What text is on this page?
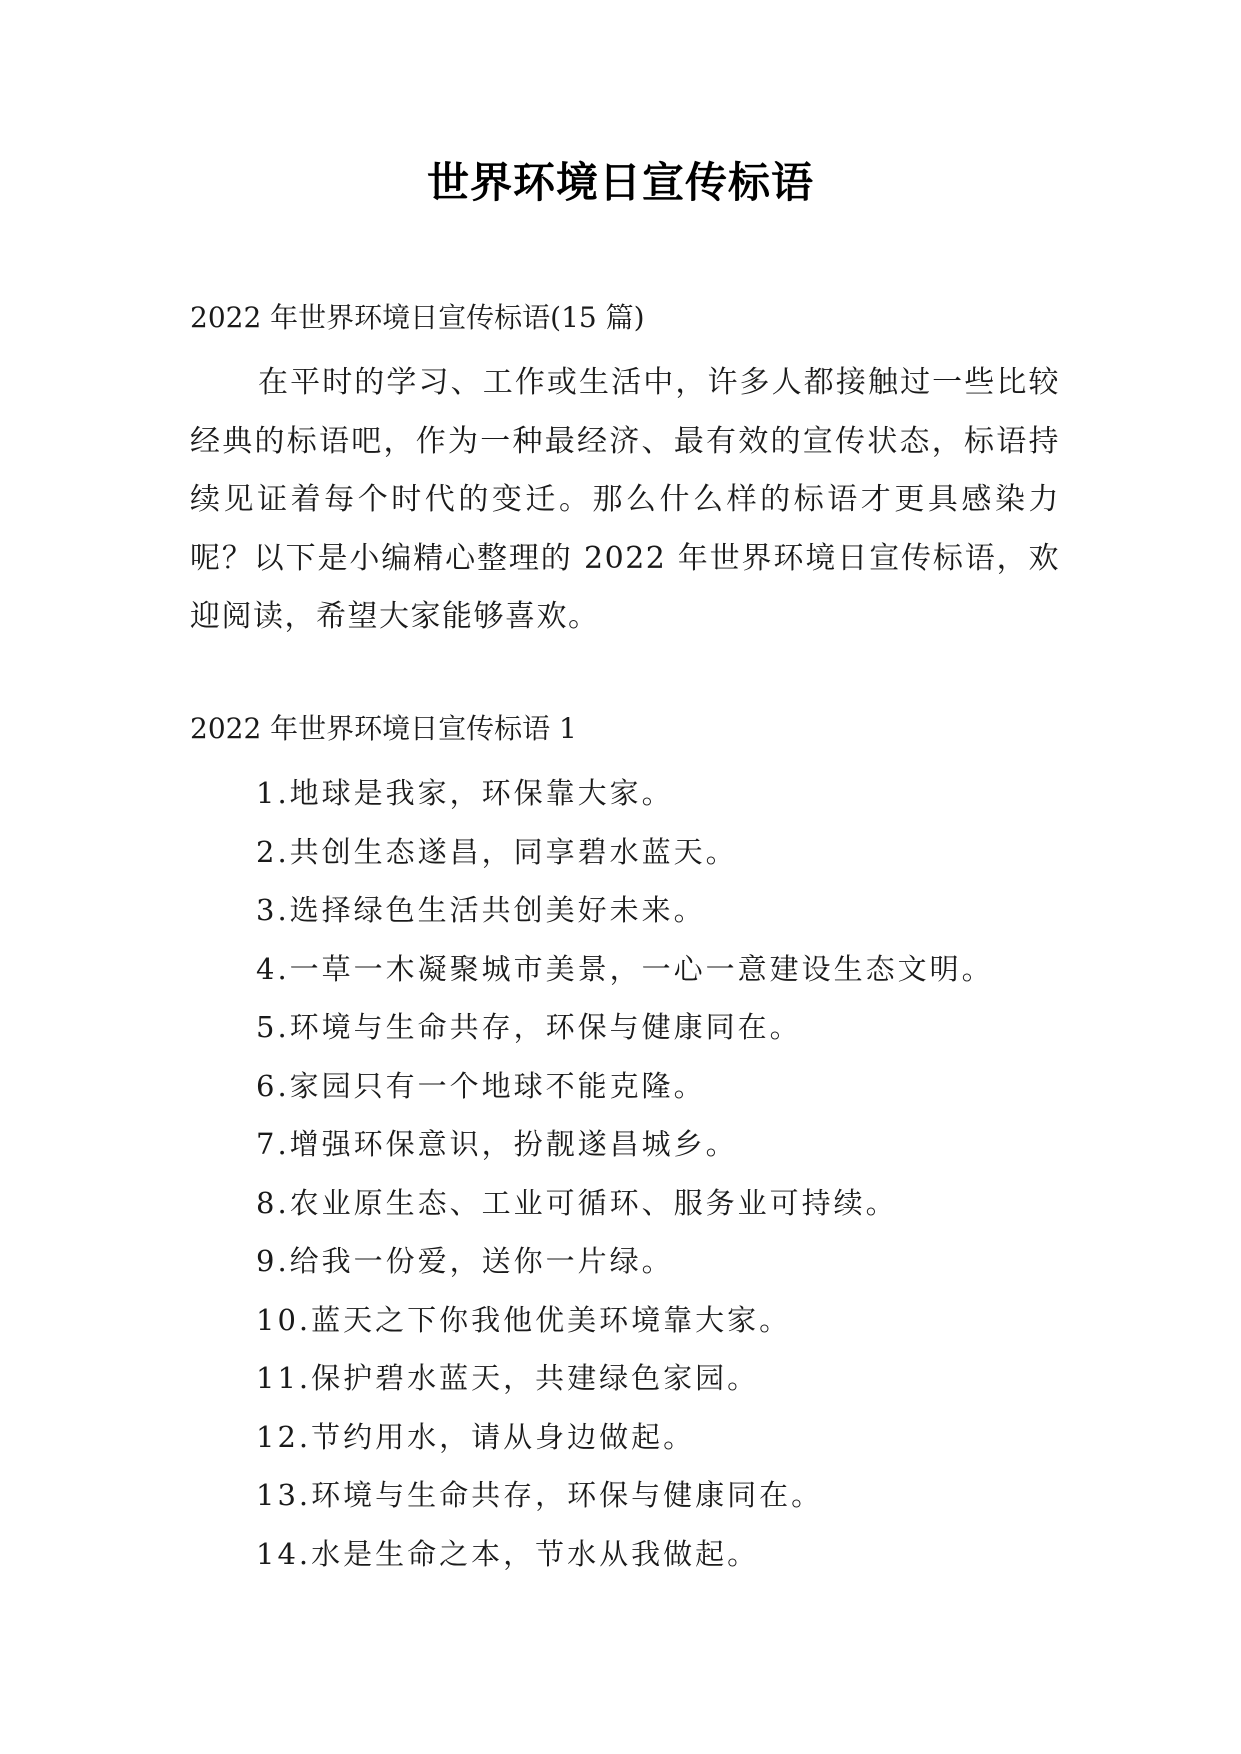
世界环境日宣传标语
2022 年世界环境日宣传标语(15 篇)
在平时的学习、工作或生活中，许多人都接触过一些比较经典的标语吧，作为一种最经济、最有效的宣传状态，标语持续见证着每个时代的变迁。那么什么样的标语才更具感染力呢？以下是小编精心整理的 2022 年世界环境日宣传标语，欢迎阅读，希望大家能够喜欢。
2022 年世界环境日宣传标语 1
1.地球是我家，环保靠大家。
2.共创生态遂昌，同享碧水蓝天。
3.选择绿色生活共创美好未来。
4.一草一木凝聚城市美景，一心一意建设生态文明。
5.环境与生命共存，环保与健康同在。
6.家园只有一个地球不能克隆。
7.增强环保意识，扮靓遂昌城乡。
8.农业原生态、工业可循环、服务业可持续。
9.给我一份爱，送你一片绿。
10.蓝天之下你我他优美环境靠大家。
11.保护碧水蓝天，共建绿色家园。
12.节约用水，请从身边做起。
13.环境与生命共存，环保与健康同在。
14.水是生命之本，节水从我做起。
